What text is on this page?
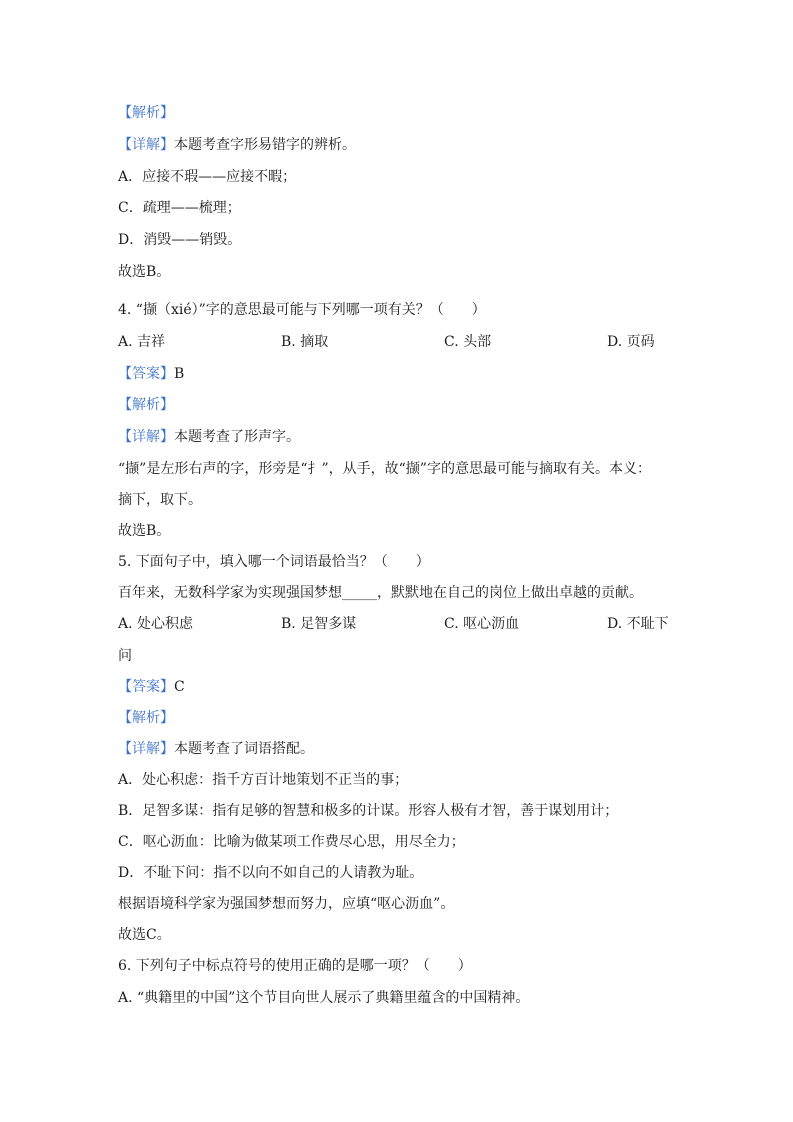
【解析】
【详解】本题考查字形易错字的辨析。
A．应接不瑕——应接不暇；
C．疏理——梳理；
D．消毁——销毁。
故选B。
4. “撷（xié）”字的意思最可能与下列哪一项有关？（　　）
A. 吉祥	B. 摘取	C. 头部	D. 页码
【答案】B
【解析】
【详解】本题考查了形声字。
“撷”是左形右声的字，形旁是“扌”，从手，故“撷”字的意思最可能与摘取有关。本义：
摘下，取下。
故选B。
5. 下面句子中，填入哪一个词语最恰当？（　　）
百年来，无数科学家为实现强国梦想_____，默默地在自己的岗位上做出卓越的贡献。
A. 处心积虑	B. 足智多谋	C. 呕心沥血	D. 不耻下
问
【答案】C
【解析】
【详解】本题考查了词语搭配。
A．处心积虑：指千方百计地策划不正当的事；
B．足智多谋：指有足够的智慧和极多的计谋。形容人极有才智，善于谋划用计；
C．呕心沥血：比喻为做某项工作费尽心思，用尽全力；
D．不耻下问：指不以向不如自己的人请教为耻。
根据语境科学家为强国梦想而努力，应填“呕心沥血”。
故选C。
6. 下列句子中标点符号的使用正确的是哪一项？（　　）
A. “典籍里的中国”这个节目向世人展示了典籍里蕴含的中国精神。
